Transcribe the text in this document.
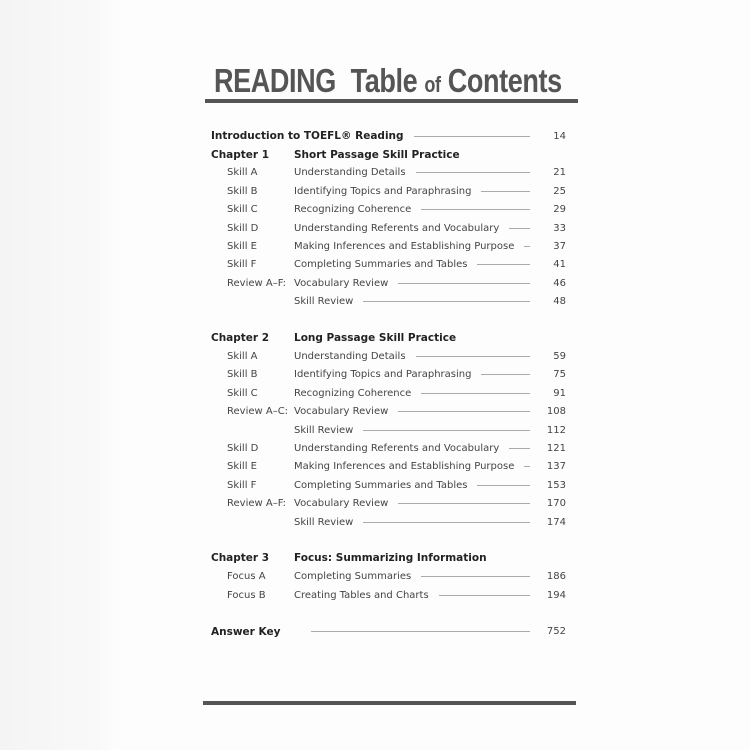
READING Table of Contents
Introduction to TOEFL® Reading	14
Chapter 1	Short Passage Skill Practice
Skill A	Understanding Details	21
Skill B	Identifying Topics and Paraphrasing	25
Skill C	Recognizing Coherence	29
Skill D	Understanding Referents and Vocabulary	33
Skill E	Making Inferences and Establishing Purpose	37
Skill F	Completing Summaries and Tables	41
Review A–F: Vocabulary Review	46
Skill Review	48
Chapter 2	Long Passage Skill Practice
Skill A	Understanding Details	59
Skill B	Identifying Topics and Paraphrasing	75
Skill C	Recognizing Coherence	91
Review A–C: Vocabulary Review	108
Skill Review	112
Skill D	Understanding Referents and Vocabulary	121
Skill E	Making Inferences and Establishing Purpose	137
Skill F	Completing Summaries and Tables	153
Review A–F: Vocabulary Review	170
Skill Review	174
Chapter 3	Focus: Summarizing Information
Focus A	Completing Summaries	186
Focus B	Creating Tables and Charts	194
Answer Key	752
